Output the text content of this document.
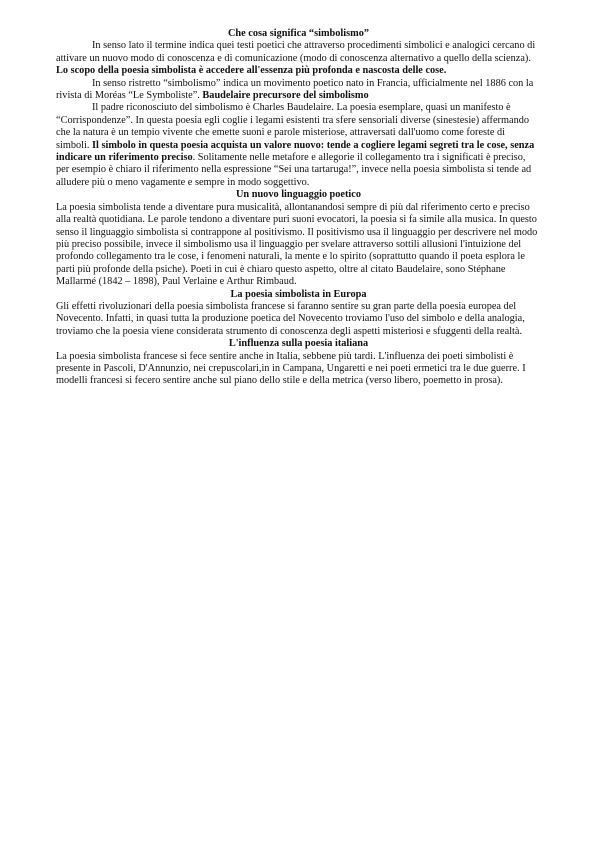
Che cosa significa “simbolismo”

In senso lato il termine indica quei testi poetici che attraverso procedimenti simbolici e analogici cercano di attivare un nuovo modo di conoscenza e di comunicazione (modo di conoscenza alternativo a quello della scienza). Lo scopo della poesia simbolista è accedere all'essenza più profonda e nascosta delle cose.

In senso ristretto “simbolismo” indica un movimento poetico nato in Francia, ufficialmente nel 1886 con la rivista di Moréas “Le Symboliste”. Baudelaire precursore del simbolismo

Il padre riconosciuto del simbolismo è Charles Baudelaire. La poesia esemplare, quasi un manifesto è “Corrispondenze”. In questa poesia egli coglie i legami esistenti tra sfere sensoriali diverse (sinestesie) affermando che la natura è un tempio vivente che emette suoni e parole misteriose, attraversati dall'uomo come foreste di simboli. Il simbolo in questa poesia acquista un valore nuovo: tende a cogliere legami segreti tra le cose, senza indicare un riferimento preciso. Solitamente nelle metafore e allegorie il collegamento tra i significati è preciso, per esempio è chiaro il riferimento nella espressione “Sei una tartaruga!”, invece nella poesia simbolista si tende ad alludere più o meno vagamente e sempre in modo soggettivo.

Un nuovo linguaggio poetico

La poesia simbolista tende a diventare pura musicalità, allontanandosi sempre di più dal riferimento certo e preciso alla realtà quotidiana. Le parole tendono a diventare puri suoni evocatori, la poesia si fa simile alla musica. In questo senso il linguaggio simbolista si contrappone al positivismo. Il positivismo usa il linguaggio per descrivere nel modo più preciso possibile, invece il simbolismo usa il linguaggio per svelare attraverso sottili allusioni l'intuizione del profondo collegamento tra le cose, i fenomeni naturali, la mente e lo spirito (soprattutto quando il poeta esplora le parti più profonde della psiche). Poeti in cui è chiaro questo aspetto, oltre al citato Baudelaire, sono Stéphane Mallarmé (1842 – 1898), Paul Verlaine e Arthur Rimbaud.

La poesia simbolista in Europa

Gli effetti rivoluzionari della poesia simbolista francese si faranno sentire su gran parte della poesia europea del Novecento. Infatti, in quasi tutta la produzione poetica del Novecento troviamo l'uso del simbolo e della analogia, troviamo che la poesia viene considerata strumento di conoscenza degli aspetti misteriosi e sfuggenti della realtà.

L'influenza sulla poesia italiana

La poesia simbolista francese si fece sentire anche in Italia, sebbene più tardi. L'influenza dei poeti simbolisti è presente in Pascoli, D'Annunzio, nei crepuscolari,in in Campana, Ungaretti e nei poeti ermetici tra le due guerre. I modelli francesi si fecero sentire anche sul piano dello stile e della metrica (verso libero, poemetto in prosa).
